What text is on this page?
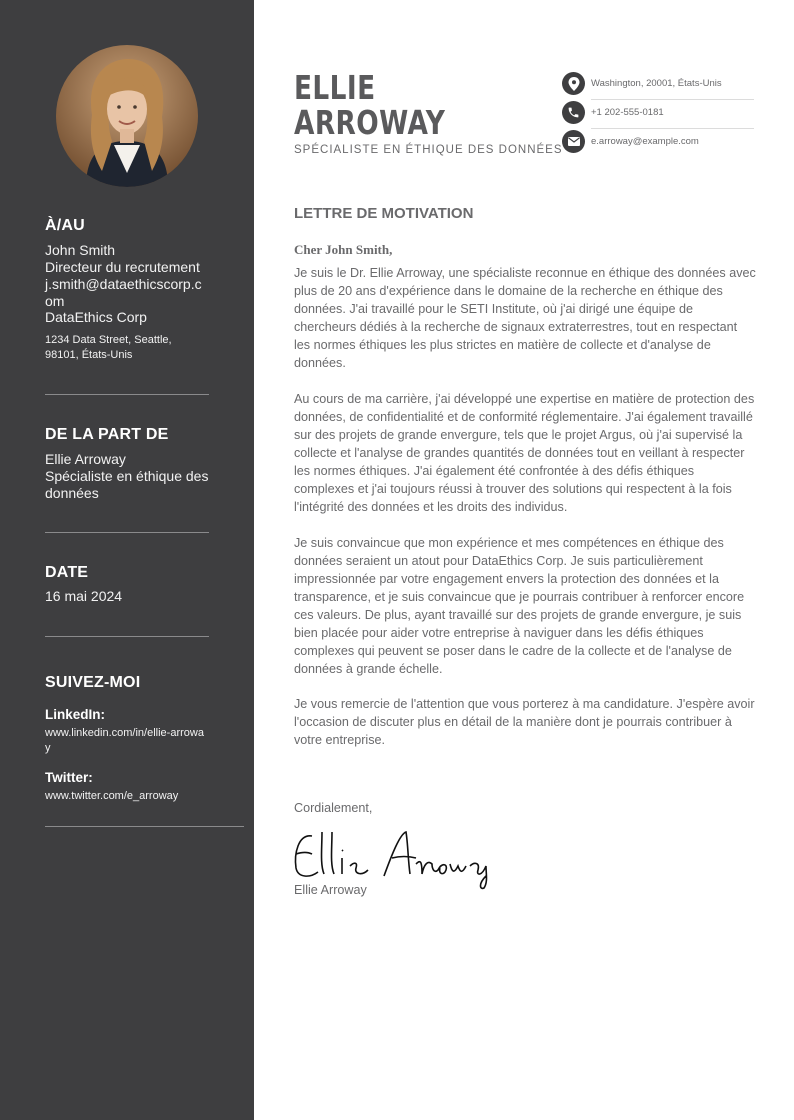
À/AU
John Smith
Directeur du recrutement
j.smith@dataethicscorp.com
DataEthics Corp
1234 Data Street, Seattle, 98101, États-Unis
DE LA PART DE
Ellie Arroway
Spécialiste en éthique des données
DATE
16 mai 2024
SUIVEZ-MOI
LinkedIn:
www.linkedin.com/in/ellie-arroway
Twitter:
www.twitter.com/e_arroway
ELLIE
ARROWAY
SPÉCIALISTE EN ÉTHIQUE DES DONNÉES
Washington, 20001, États-Unis
+1 202-555-0181
e.arroway@example.com
LETTRE DE MOTIVATION
Cher John Smith,

Je suis le Dr. Ellie Arroway, une spécialiste reconnue en éthique des données avec plus de 20 ans d'expérience dans le domaine de la recherche en éthique des données. J'ai travaillé pour le SETI Institute, où j'ai dirigé une équipe de chercheurs dédiés à la recherche de signaux extraterrestres, tout en respectant les normes éthiques les plus strictes en matière de collecte et d'analyse de données.

Au cours de ma carrière, j'ai développé une expertise en matière de protection des données, de confidentialité et de conformité réglementaire. J'ai également travaillé sur des projets de grande envergure, tels que le projet Argus, où j'ai supervisé la collecte et l'analyse de grandes quantités de données tout en veillant à respecter les normes éthiques. J'ai également été confrontée à des défis éthiques complexes et j'ai toujours réussi à trouver des solutions qui respectent à la fois l'intégrité des données et les droits des individus.

Je suis convaincue que mon expérience et mes compétences en éthique des données seraient un atout pour DataEthics Corp. Je suis particulièrement impressionnée par votre engagement envers la protection des données et la transparence, et je suis convaincue que je pourrais contribuer à renforcer encore ces valeurs. De plus, ayant travaillé sur des projets de grande envergure, je suis bien placée pour aider votre entreprise à naviguer dans les défis éthiques complexes qui peuvent se poser dans le cadre de la collecte et de l'analyse de données à grande échelle.

Je vous remercie de l'attention que vous porterez à ma candidature. J'espère avoir l'occasion de discuter plus en détail de la manière dont je pourrais contribuer à votre entreprise.

Cordialement,
Ellie Arroway
